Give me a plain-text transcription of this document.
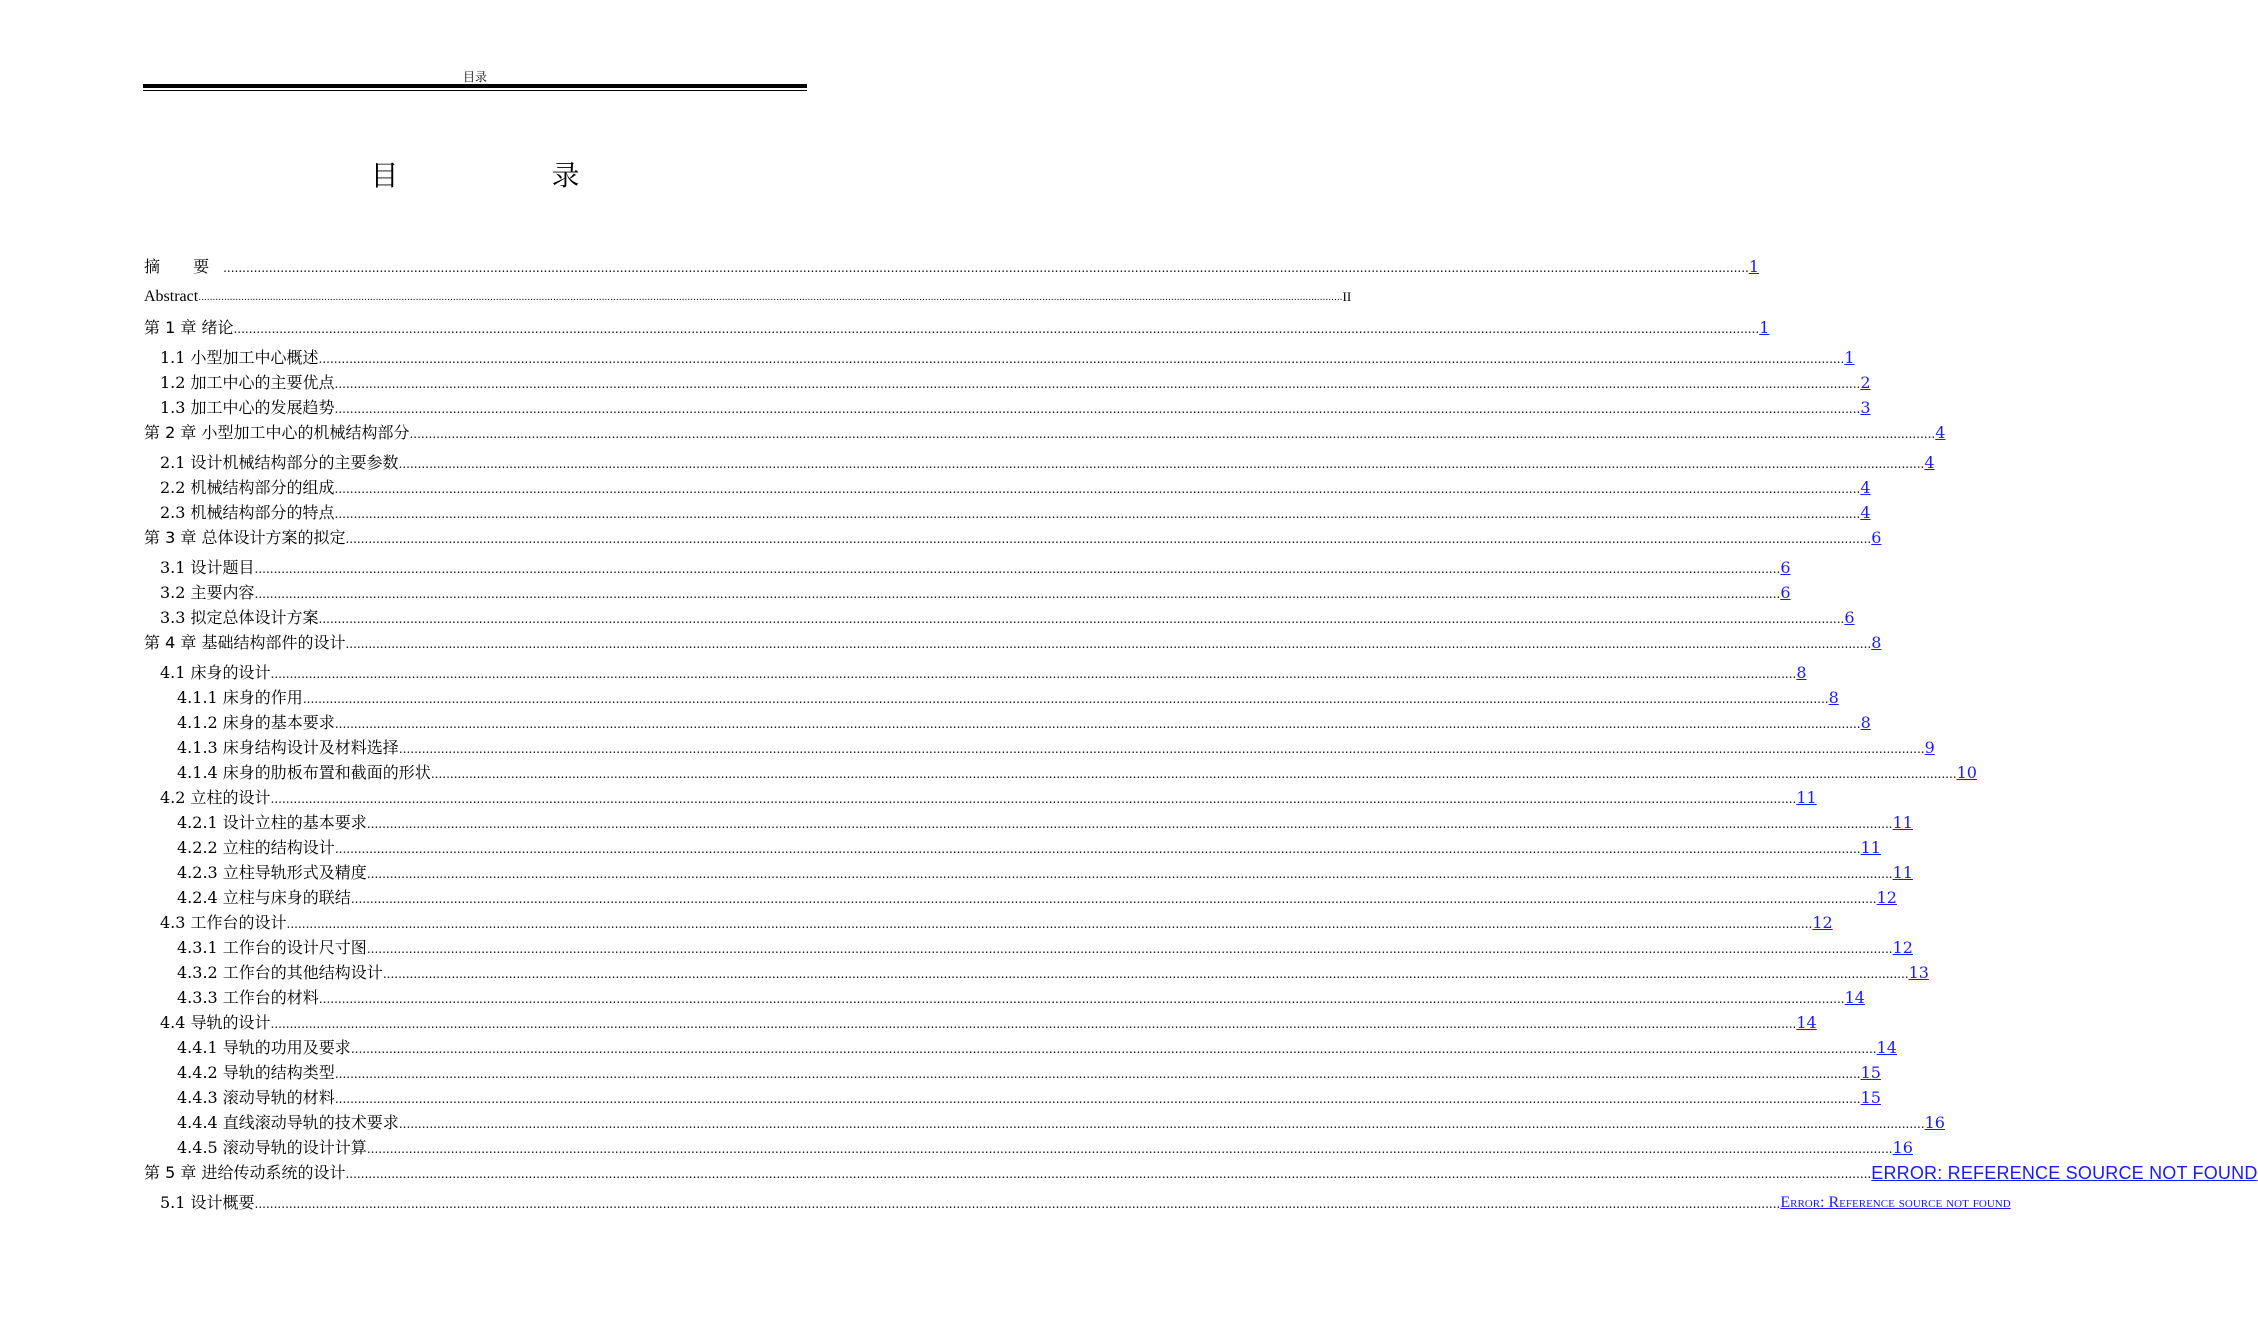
目录
目 录
摘 要 ................................................................................................................................................................................................................................................................................................................................................................................................................ 1
Abstract ................................................................................................................................................................................................................................................................................................................................................................................................................ II
第 1 章 绪论 ................................................................................................................................................................................................................................................................................................................................................................................................................ 1
1.1 小型加工中心概述 ................................................................................................................................................................................................................................................................................................................................................................................................................ 1
1.2 加工中心的主要优点 ................................................................................................................................................................................................................................................................................................................................................................................................................ 2
1.3 加工中心的发展趋势 ................................................................................................................................................................................................................................................................................................................................................................................................................ 3
第 2 章 小型加工中心的机械结构部分 ................................................................................................................................................................................................................................................................................................................................................................................................................ 4
2.1 设计机械结构部分的主要参数 ................................................................................................................................................................................................................................................................................................................................................................................................................ 4
2.2 机械结构部分的组成 ................................................................................................................................................................................................................................................................................................................................................................................................................ 4
2.3 机械结构部分的特点 ................................................................................................................................................................................................................................................................................................................................................................................................................ 4
第 3 章 总体设计方案的拟定 ................................................................................................................................................................................................................................................................................................................................................................................................................ 6
3.1 设计题目 ................................................................................................................................................................................................................................................................................................................................................................................................................ 6
3.2 主要内容 ................................................................................................................................................................................................................................................................................................................................................................................................................ 6
3.3 拟定总体设计方案 ................................................................................................................................................................................................................................................................................................................................................................................................................ 6
第 4 章 基础结构部件的设计 ................................................................................................................................................................................................................................................................................................................................................................................................................ 8
4.1 床身的设计 ................................................................................................................................................................................................................................................................................................................................................................................................................ 8
4.1.1 床身的作用 ................................................................................................................................................................................................................................................................................................................................................................................................................ 8
4.1.2 床身的基本要求 ................................................................................................................................................................................................................................................................................................................................................................................................................ 8
4.1.3 床身结构设计及材料选择 ................................................................................................................................................................................................................................................................................................................................................................................................................ 9
4.1.4 床身的肋板布置和截面的形状 ................................................................................................................................................................................................................................................................................................................................................................................................................ 10
4.2 立柱的设计 ................................................................................................................................................................................................................................................................................................................................................................................................................ 11
4.2.1 设计立柱的基本要求 ................................................................................................................................................................................................................................................................................................................................................................................................................ 11
4.2.2 立柱的结构设计 ................................................................................................................................................................................................................................................................................................................................................................................................................ 11
4.2.3 立柱导轨形式及精度 ................................................................................................................................................................................................................................................................................................................................................................................................................ 11
4.2.4 立柱与床身的联结 ................................................................................................................................................................................................................................................................................................................................................................................................................ 12
4.3 工作台的设计 ................................................................................................................................................................................................................................................................................................................................................................................................................ 12
4.3.1 工作台的设计尺寸图 ................................................................................................................................................................................................................................................................................................................................................................................................................ 12
4.3.2 工作台的其他结构设计 ................................................................................................................................................................................................................................................................................................................................................................................................................ 13
4.3.3 工作台的材料 ................................................................................................................................................................................................................................................................................................................................................................................................................ 14
4.4 导轨的设计 ................................................................................................................................................................................................................................................................................................................................................................................................................ 14
4.4.1 导轨的功用及要求 ................................................................................................................................................................................................................................................................................................................................................................................................................ 14
4.4.2 导轨的结构类型 ................................................................................................................................................................................................................................................................................................................................................................................................................ 15
4.4.3 滚动导轨的材料 ................................................................................................................................................................................................................................................................................................................................................................................................................ 15
4.4.4 直线滚动导轨的技术要求 ................................................................................................................................................................................................................................................................................................................................................................................................................ 16
4.4.5 滚动导轨的设计计算 ................................................................................................................................................................................................................................................................................................................................................................................................................ 16
第 5 章 进给传动系统的设计 ................................................................................................................................................................................................................................................................................................................................................................................................................ ERROR: REFERENCE SOURCE NOT FOUND
5.1 设计概要 ................................................................................................................................................................................................................................................................................................................................................................................................................ Error: Reference source not found
